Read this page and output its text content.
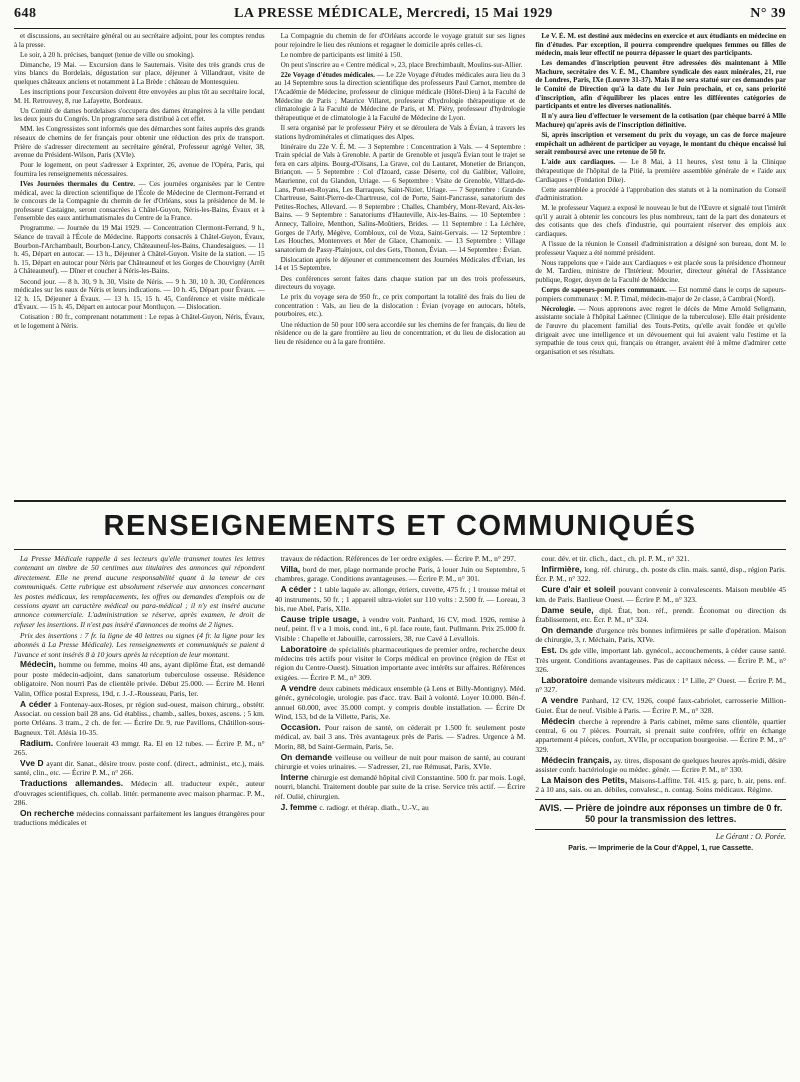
648	LA PRESSE MÉDICALE, Mercredi, 15 Mai 1929	N° 39

et discussions, au secrétaire général ou au secrétaire adjoint, pour les comptes rendus à la presse.

Le soir, à 20 h. précises, banquet (tenue de ville ou smoking).

Dimanche, 19 Mai. — Excursion dans le Sauternais. Visite des très grands crus de vins blancs du Bordelais, dégustation sur place, déjeuner à Villandraut, visite de quelques châteaux anciens et notamment à La Brède : château de Montesquieu.

Les inscriptions pour l'excursion doivent être envoyées au plus tôt au secrétaire local, M. H. Retrouvey, 8, rue Lafayette, Bordeaux.

Un Comité de dames bordelaises s'occupera des dames étrangères à la ville pendant les deux jours du Congrès. Un programme sera distribué à cet effet.

MM. les Congressistes sont informés que des démarches sont faites auprès des grands réseaux de chemins de fer français pour obtenir une réduction des prix de transport. Prière de s'adresser directement au secrétaire général, Professeur agrégé Velter, 38, avenue du Président-Wilson, Paris (XVIe).

Pour le logement, on peut s'adresser à Exprinter, 26, avenue de l'Opéra, Paris, qui fournira les renseignements nécessaires.

IVes Journées thermales du Centre. — Ces journées organisées par le Centre médical, avec la direction scientifique de l'École de Médecine de Clermont-Ferrand et le concours de la Compagnie du chemin de fer d'Orléans, sous la présidence de M. le professeur Castaigne, seront consacrées à Châtel-Guyon, Néris-les-Bains, Évaux et à l'ensemble des eaux antirhumatismales du Centre de la France.

Programme. — Journée du 19 Mai 1929. — Concentration Clermont-Ferrand, 9 h., Séance de travail à l'École de Médecine. Rapports consacrés à Châtel-Guyon, Évaux, Bourbon-l'Archambault, Bourbon-Lancy, Châteauneuf-les-Bains, Chaudesaigues. — 11 h. 45, Départ en autocar. — 13 h., Déjeuner à Châtel-Guyon. Visite de la station. — 15 h. 15, Départ en autocar pour Néris par Châteauneuf et les Gorges de Chouvigny (Arrêt à Châteauneuf). — Dîner et coucher à Néris-les-Bains.

Second jour. — 8 h. 30, 9 h. 30, Visite de Néris. — 9 h. 30, 10 h. 30, Conférences médicales sur les eaux de Néris et leurs indications. — 10 h. 45, Départ pour Évaux. — 12 h. 15, Déjeuner à Évaux. — 13 h. 15, 15 h. 45, Conférence et visite médicale d'Évaux. — 15 h. 45, Départ en autocar pour Montluçon. — Dislocation.

Cotisation : 80 fr., comprenant notamment : Le repas à Châtel-Guyon, Néris, Évaux, et le logement à Néris.

La Compagnie du chemin de fer d'Orléans accorde le voyage gratuit sur ses lignes pour rejoindre le lieu des réunions et regagner le domicile après celles-ci.

Le nombre de participants est limité à 150.

On peut s'inscrire au « Centre médical », 23, place Brechimbault, Moulins-sur-Allier.

22e Voyage d'études médicales. — Le 22e Voyage d'études médicales aura lieu du 3 au 14 Septembre sous la direction scientifique des professeurs Paul Carnot, membre de l'Académie de Médecine, professeur de clinique médicale (Hôtel-Dieu) à la Faculté de Médecine de Paris ; Maurice Villaret, professeur d'hydrologie thérapeutique et de climatologie à la Faculté de Médecine de Paris, et M. Piéry, professeur d'hydrologie thérapeutique et de climatologie à la Faculté de Médecine de Lyon.

Il sera organisé par le professeur Piéry et se déroulera de Vals à Évian, à travers les stations hydrominérales et climatiques des Alpes.

Itinéraire du 22e V. É. M. — 3 Septembre : Concentration à Vals. — 4 Septembre : Train spécial de Vals à Grenoble. A partir de Grenoble et jusqu'à Évian tout le trajet se fera en cars alpins. Bourg-d'Oisans, La Grave, col du Lautaret, Monetier de Briançon, Briançon. — 5 Septembre : Col d'Izoard, casse Déserte, col du Galibier, Valloire, Maurienne, col du Glandon, Uriage. — 6 Septembre : Visite de Grenoble, Villard-de-Lans, Pont-en-Royans, Les Barraques, Saint-Nizier, Uriage. — 7 Septembre : Grande-Chartreuse, Saint-Pierre-de-Chartreuse, col de Porte, Saint-Pancrasse, sanatorium des Petites-Roches, Allevard. — 8 Septembre : Challes, Chambéry, Mont-Revard, Aix-les-Bains. — 9 Septembre : Sanatoriums d'Hauteville, Aix-les-Bains. — 10 Septembre : Annecy, Talloire, Menthon, Salins-Moûtiers, Brides. — 11 Septembre : La Léchère, Gorges de l'Arly, Mégève, Combloux, col de Voza, Saint-Gervais. — 12 Septembre : Les Houches, Montenvers et Mer de Glace, Chamonix. — 13 Septembre : Village sanatorium de Passy-Plainjoux, col des Gets, Thonon, Évian. — 14 Septembre : Évian.

Dislocation après le déjeuner et commencement des Journées Médicales d'Évian, les 14 et 15 Septembre.

Des conférences seront faites dans chaque station par un des trois professeurs, directeurs du voyage.

Le prix du voyage sera de 950 fr., ce prix comportant la totalité des frais du lieu de concentration : Vals, au lieu de la dislocation : Évian (voyage en autocars, hôtels, pourboires, etc.).

Une réduction de 50 pour 100 sera accordée sur les chemins de fer français, du lieu de résidence ou de la gare frontière au lieu de concentration, et du lieu de dislocation au lieu de résidence ou à la gare frontière.

Le V. É. M. est destiné aux médecins en exercice et aux étudiants en médecine en fin d'études. Par exception, il pourra comprendre quelques femmes ou filles de médecin, mais leur effectif ne pourra dépasser le quart des participants.

Les demandes d'inscription peuvent être adressées dès maintenant à Mlle Machure, secrétaire des V. É. M., Chambre syndicale des eaux minérales, 21, rue de Londres, Paris, IXe (Louvre 31-37). Mais il ne sera statué sur ces demandes par le Comité de Direction qu'à la date du 1er Juin prochain, et ce, sans priorité d'inscription, afin d'équilibrer les places entre les différentes catégories de participants et entre les diverses nationalités.

Il n'y aura lieu d'effectuer le versement de la cotisation (par chèque barré à Mlle Machure) qu'après avis de l'inscription définitive.

Si, après inscription et versement du prix du voyage, un cas de force majeure empêchait un adhérent de participer au voyage, le montant du chèque encaissé lui serait remboursé avec une retenue de 50 fr.

L'aide aux cardiaques. — Le 8 Mai, à 11 heures, s'est tenu à la Clinique thérapeutique de l'hôpital de la Pitié, la première assemblée générale de « l'aide aux Cardiaques » (Fondation Dike).

Cette assemblée a procédé à l'approbation des statuts et à la nomination du Conseil d'administration.

M. le professeur Vaquez a exposé le nouveau le but de l'Œuvre et signalé tout l'intérêt qu'il y aurait à obtenir les concours les plus nombreux, tant de la part des donateurs et des cotisants que des chefs d'industrie, qui pourraient réserver des emplois aux cardiaques.

A l'issue de la réunion le Conseil d'administration a désigné son bureau, dont M. le professeur Vaquez a été nommé président.

Nous rappelons que « l'aide aux Cardiaques » est placée sous la présidence d'honneur de M. Tardieu, ministre de l'Intérieur. Mourier, directeur général de l'Assistance publique, Roger, doyen de la Faculté de Médecine.

Corps de sapeurs-pompiers communaux. — Est nommé dans le corps de sapeurs-pompiers communaux : M. P. Timal, médecin-major de 2e classe, à Cambrai (Nord).

Nécrologie. — Nous apprenons avec regret le décès de Mme Arnold Seligmann, assistante sociale à l'hôpital Laënnec (Clinique de la tuberculose). Elle était présidente de l'œuvre du placement familial des Touts-Petits, qu'elle avait fondée et qu'elle dirigeait avec une intelligence et un dévouement qui lui avaient valu l'estime et la sympathie de tous ceux qui, français ou étranger, avaient été à même d'admirer cette organisation et ses résultats.

RENSEIGNEMENTS ET COMMUNIQUÉS

La Presse Médicale rappelle à ses lecteurs qu'elle transmet toutes les lettres contenant un timbre de 50 centimes aux titulaires des annonces qui répondent directement. Elle ne prend aucune responsabilité quant à la teneur de ces communiqués. Cette rubrique est absolument réservée aux annonces concernant les postes médicaux, les remplacements, les offres ou demandes d'emplois ou de cessions ayant un caractère médical ou para-médical ; il n'y est inséré aucune annonce commerciale. L'administration se réserve, après examen, le droit de refuser les insertions. Il n'est pas inséré d'annonces de moins de 2 lignes.

Prix des insertions : 7 fr. la ligne de 40 lettres ou signes (4 fr. la ligne pour les abonnés à La Presse Médicale). Les renseignements et communiqués se paient à l'avance et sont insérés 8 à 10 jours après la réception de leur montant.

Médecin, homme ou femme, moins 40 ans, ayant diplôme État, est demandé pour poste médecin-adjoint, dans sanatorium tuberculose osseuse. Résidence obligatoire. Non nourri Pas de clientèle privée. Début 25.000. — Écrire M. Henri Valin, Office postal Express, 19d, r. J.-J.-Rousseau, Paris, Ier.

A céder à Fontenay-aux-Roses, pr région sud-ouest, maison chirurg., obstétr. Associat. ou cession bail 28 ans. Gd établiss., chamb., salles, boxes, ascens. ; 5 km. porte Orléans. 3 tram., 2 ch. de fer. — Écrire Dr. 9, rue Pavillons, Châtillon-sous-Bagneux. Tél. Alésia 10-35.

Radium. Confrère louerait 43 mmgr. Ra. El en 12 tubes. — Écrire P. M., n° 265.

Vve D ayant dir. Sanat., désire trouv. poste conf. (direct., administ., etc.), mais. santé, clin., etc. — Écrire P. M., n° 266.

Traductions allemandes. Médecin all. traducteur expér., auteur d'ouvrages scientifiques, ch. collab. littér. permanente avec maison pharmac. P. M., 286.

On recherche médecins connaissant parfaitement les langues étrangères pour traductions médicales et

travaux de rédaction. Références de 1er ordre exigées. — Écrire P. M., n° 297.

Villa, bord de mer, plage normande proche Paris, à louer Juin ou Septembre, 5 chambres, garage. Conditions avantageuses. — Écrire P. M., n° 301.

A céder : 1 table laquée av. allonge, étriers, cuvette, 475 fr. ; 1 trousse métal et 40 instruments, 50 fr. ; 1 appareil ultra-violet sur 110 volts : 2.500 fr. — Loreau, 3 bis, rue Abel, Paris, XIIe.

Cause triple usage, à vendre voit. Panhard, 16 CV, mod. 1926, remise à neuf, peint. fl v a 1 mois, cond. int., 6 pl. face route, faut. Pullmann. Prix 25.000 fr. Visible : Chapelle et Jabouille, carrossiers, 38, rue Cavé à Levallois.

Laboratoire de spécialités pharmaceutiques de premier ordre, recherche deux médecins très actifs pour visiter le Corps médical en province (région de l'Est et région du Centre-Ouest). Situation importante avec intérêts sur affaires. Références exigées. — Écrire P. M., n° 309.

A vendre deux cabinets médicaux ensemble (à Lens et Billy-Montigny). Méd. génér., gynécologie, urologie. pas d'acc. trav. Bail à volonté. Loyer 10.000. Bén-f. annuel 60.000, avec 35.000 compt. y compris double installation. — Écrire Dr Wind, 153, bd de la Villette, Paris, Xe.

Occasion. Pour raison de santé, on céderait pr 1.500 fr. seulement poste médical, av. bail 3 ans. Très avantageux près de Paris. — S'adres. Urgence à M. Morin, 88, bd Saint-Germain, Paris, 5e.

On demande veilleuse ou veilleur de nuit pour maison de santé, au courant chirurgie et voies urinaires. — S'adresser, 21, rue Rémusat, Paris, XVIe.

Interne chirurgie est demandé hôpital civil Constantine. 500 fr. par mois. Logé, nourri, blanchi. Traitement double par suite de la crise. Service très actif. — Écrire réf. Oulié, chirurgien.

J. femme c. radiogr. et thérap. diath., U.-V., au

cour. dév. et tir. clich., dact., ch. pl. P. M., n° 321.

Infirmière, long. réf. chirurg., ch. poste ds clin. mais. santé, disp., région Paris. Écr. P. M., n° 322.

Cure d'air et soleil pouvant convenir à convalescents. Maison meublée 45 km. de Paris. Banlieue Ouest. — Écrire P. M., n° 323.

Dame seule, dipl. État, bon. réf., prendr. Économat ou direction ds Établissement, etc. Écr. P. M., n° 324.

On demande d'urgence très bonnes infirmières pr salle d'opération. Maison de chirurgie, 3, r. Méchain, Paris, XIVe.

Est. Ds gde ville, important lab. gynécol., accouchements, à céder cause santé. Très urgent. Conditions avantageuses. Pas de capitaux nécess. — Écrire P. M., n° 326.

Laboratoire demande visiteurs médicaux : 1° Lille, 2° Ouest. — Écrire P. M., n° 327.

A vendre Panhard, 12 CV, 1926, coupé faux-cabriolet, carrosserie Million-Guiet. État de neuf. Visible à Paris. — Écrire P. M., n° 328.

Médecin cherche à reprendre à Paris cabinet, même sans clientèle, quartier central, 6 ou 7 pièces. Pourrait, si prenait suite confrère, offrir en échange appartement 4 pièces, confort, XVIIe, pr occupation bourgeoise. — Écrire P. M., n° 329.

Médecin français, ay. titres, disposant de quelques heures après-midi, désire assister confr. bactériologie ou médec. génér. — Écrire P. M., n° 330.

La Maison des Petits, Maisons-Laffitte. Tél. 415. g. parc, b. air, pens. enf. 2 à 10 ans, sais. ou an. débiles, convalesc., n. contag. Soins médicaux. Régime.

AVIS. — Prière de joindre aux réponses un timbre de 0 fr. 50 pour la transmission des lettres.
Le Gérant : O. Porée.
Paris. — Imprimerie de la Cour d'Appel, 1, rue Cassette.
